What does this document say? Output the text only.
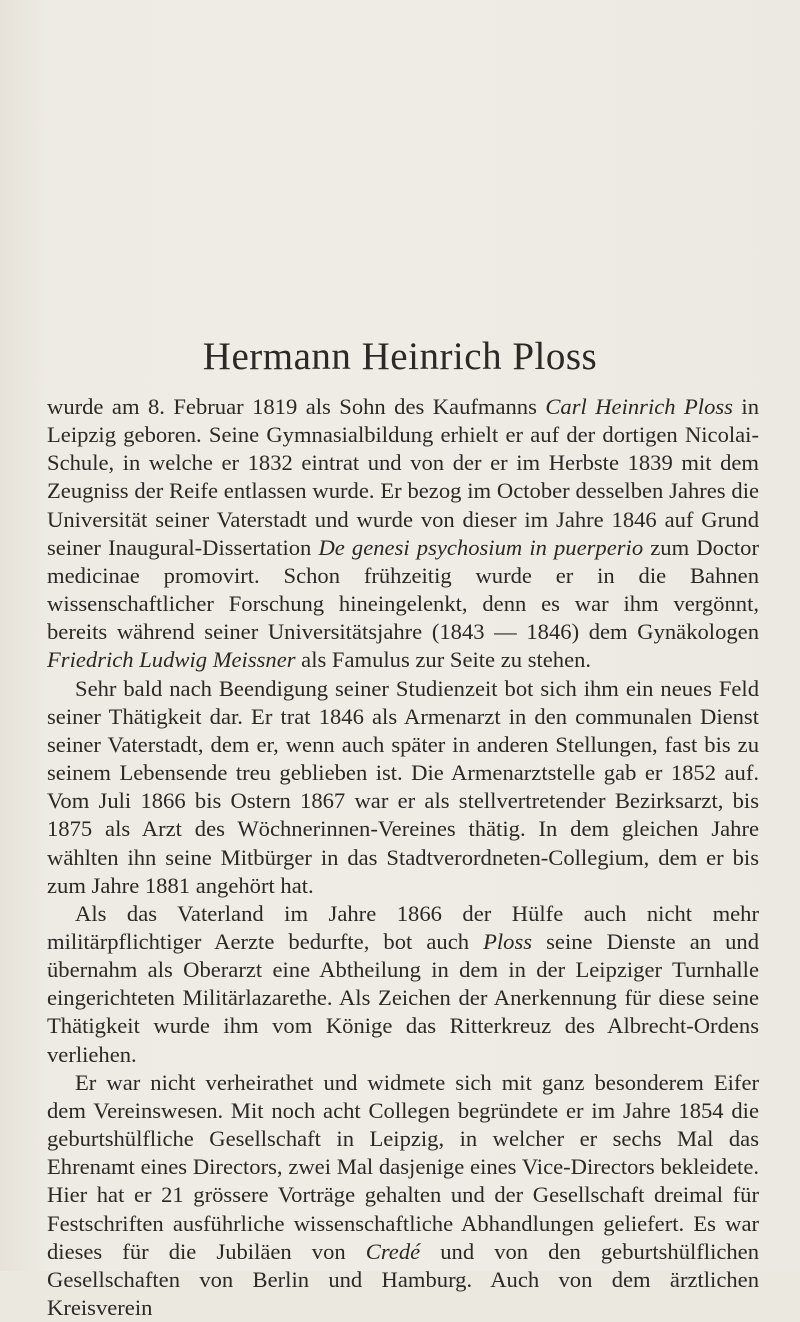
Hermann Heinrich Ploss

wurde am 8. Februar 1819 als Sohn des Kaufmanns Carl Heinrich Ploss in Leipzig geboren. Seine Gymnasialbildung erhielt er auf der dortigen Nicolai-Schule, in welche er 1832 eintrat und von der er im Herbste 1839 mit dem Zeugniss der Reife entlassen wurde. Er bezog im October desselben Jahres die Universität seiner Vaterstadt und wurde von dieser im Jahre 1846 auf Grund seiner Inaugural-Dissertation De genesi psychosium in puerperio zum Doctor medicinae promovirt. Schon frühzeitig wurde er in die Bahnen wissenschaftlicher Forschung hineingelenkt, denn es war ihm vergönnt, bereits während seiner Universitätsjahre (1843 — 1846) dem Gynäkologen Friedrich Ludwig Meissner als Famulus zur Seite zu stehen.

Sehr bald nach Beendigung seiner Studienzeit bot sich ihm ein neues Feld seiner Thätigkeit dar. Er trat 1846 als Armenarzt in den communalen Dienst seiner Vaterstadt, dem er, wenn auch später in anderen Stellungen, fast bis zu seinem Lebensende treu geblieben ist. Die Armenarztstelle gab er 1852 auf. Vom Juli 1866 bis Ostern 1867 war er als stellvertretender Bezirksarzt, bis 1875 als Arzt des Wöchnerinnen-Vereines thätig. In dem gleichen Jahre wählten ihn seine Mitbürger in das Stadtverordneten-Collegium, dem er bis zum Jahre 1881 angehört hat.

Als das Vaterland im Jahre 1866 der Hülfe auch nicht mehr militärpflichtiger Aerzte bedurfte, bot auch Ploss seine Dienste an und übernahm als Oberarzt eine Abtheilung in dem in der Leipziger Turnhalle eingerichteten Militärlazarethe. Als Zeichen der Anerkennung für diese seine Thätigkeit wurde ihm vom Könige das Ritterkreuz des Albrecht-Ordens verliehen.

Er war nicht verheirathet und widmete sich mit ganz besonderem Eifer dem Vereinswesen. Mit noch acht Collegen begründete er im Jahre 1854 die geburtshülfliche Gesellschaft in Leipzig, in welcher er sechs Mal das Ehrenamt eines Directors, zwei Mal dasjenige eines Vice-Directors bekleidete. Hier hat er 21 grössere Vorträge gehalten und der Gesellschaft dreimal für Festschriften ausführliche wissenschaftliche Abhandlungen geliefert. Es war dieses für die Jubiläen von Credé und von den geburtshülflichen Gesellschaften von Berlin und Hamburg. Auch von dem ärztlichen Kreisverein
